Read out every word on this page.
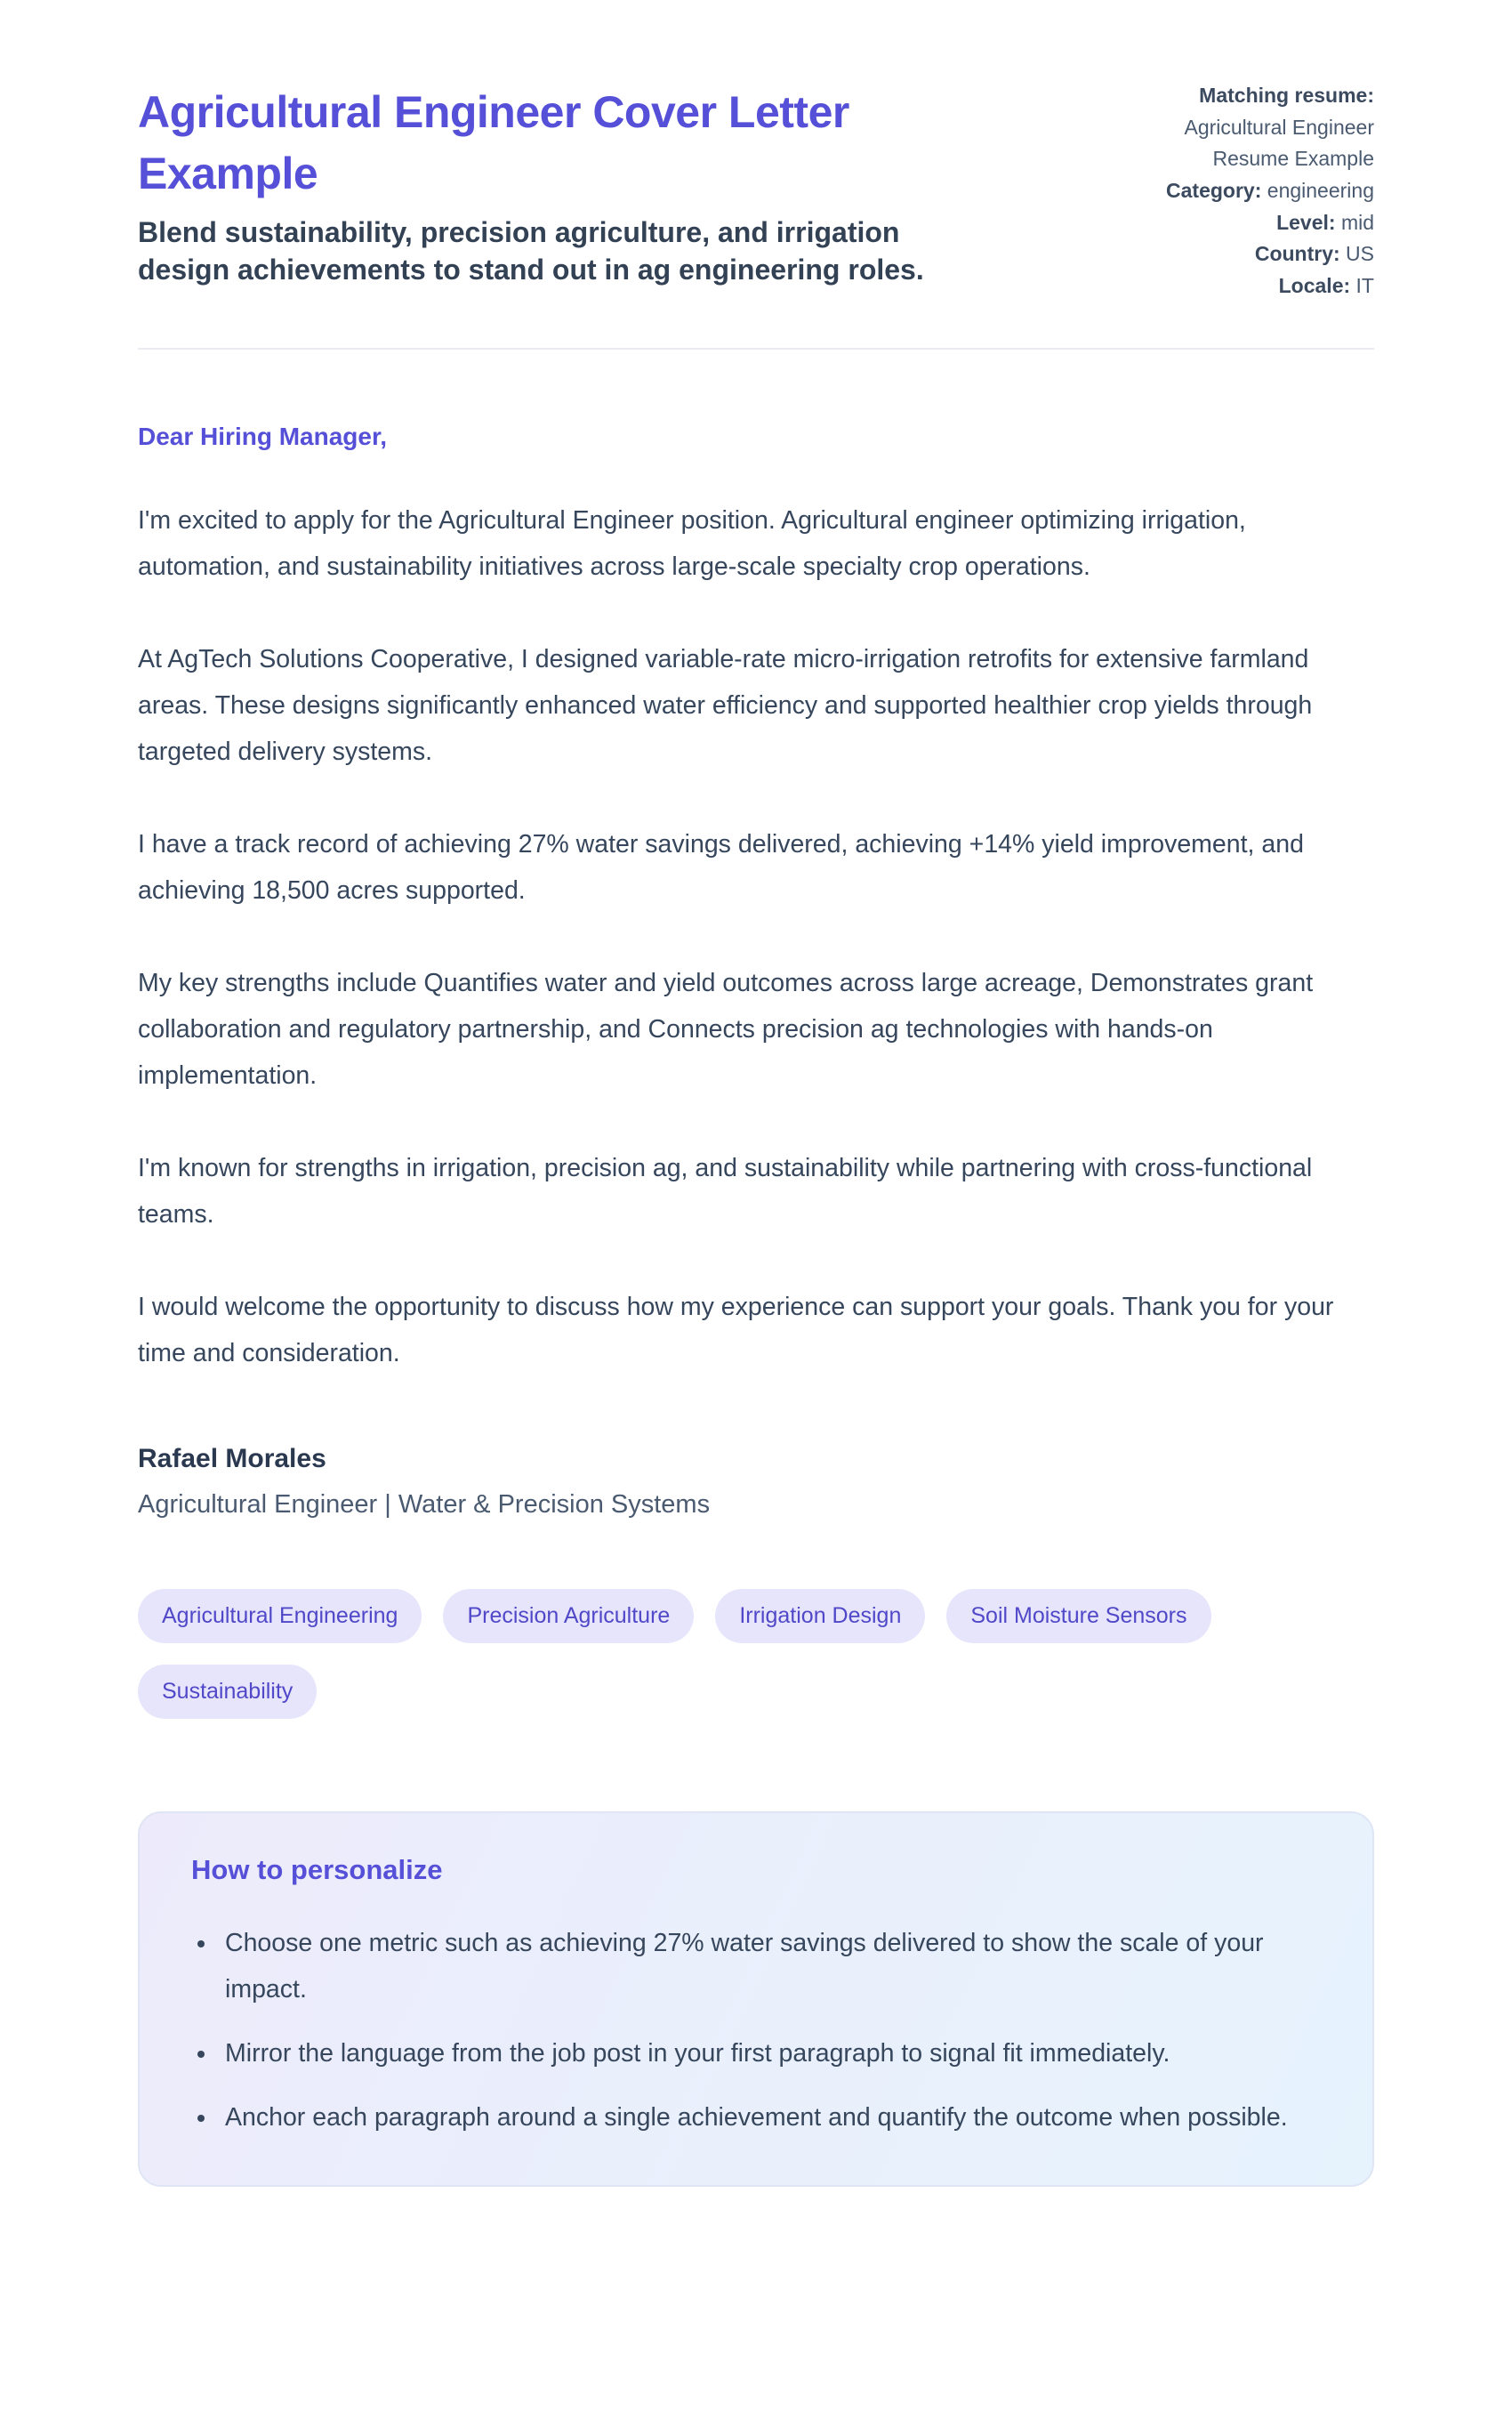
Agricultural Engineer Cover Letter Example

Blend sustainability, precision agriculture, and irrigation design achievements to stand out in ag engineering roles.

Matching resume:
Agricultural Engineer Resume Example
Category: engineering
Level: mid
Country: US
Locale: IT

Dear Hiring Manager,

I'm excited to apply for the Agricultural Engineer position. Agricultural engineer optimizing irrigation, automation, and sustainability initiatives across large-scale specialty crop operations.

At AgTech Solutions Cooperative, I designed variable-rate micro-irrigation retrofits for extensive farmland areas. These designs significantly enhanced water efficiency and supported healthier crop yields through targeted delivery systems.

I have a track record of achieving 27% water savings delivered, achieving +14% yield improvement, and achieving 18,500 acres supported.

My key strengths include Quantifies water and yield outcomes across large acreage, Demonstrates grant collaboration and regulatory partnership, and Connects precision ag technologies with hands-on implementation.

I'm known for strengths in irrigation, precision ag, and sustainability while partnering with cross-functional teams.

I would welcome the opportunity to discuss how my experience can support your goals. Thank you for your time and consideration.

Rafael Morales

Agricultural Engineer | Water & Precision Systems

Agricultural Engineering	Precision Agriculture	Irrigation Design	Soil Moisture Sensors
Sustainability
How to personalize
• Choose one metric such as achieving 27% water savings delivered to show the scale of your impact.
• Mirror the language from the job post in your first paragraph to signal fit immediately.
• Anchor each paragraph around a single achievement and quantify the outcome when possible.
